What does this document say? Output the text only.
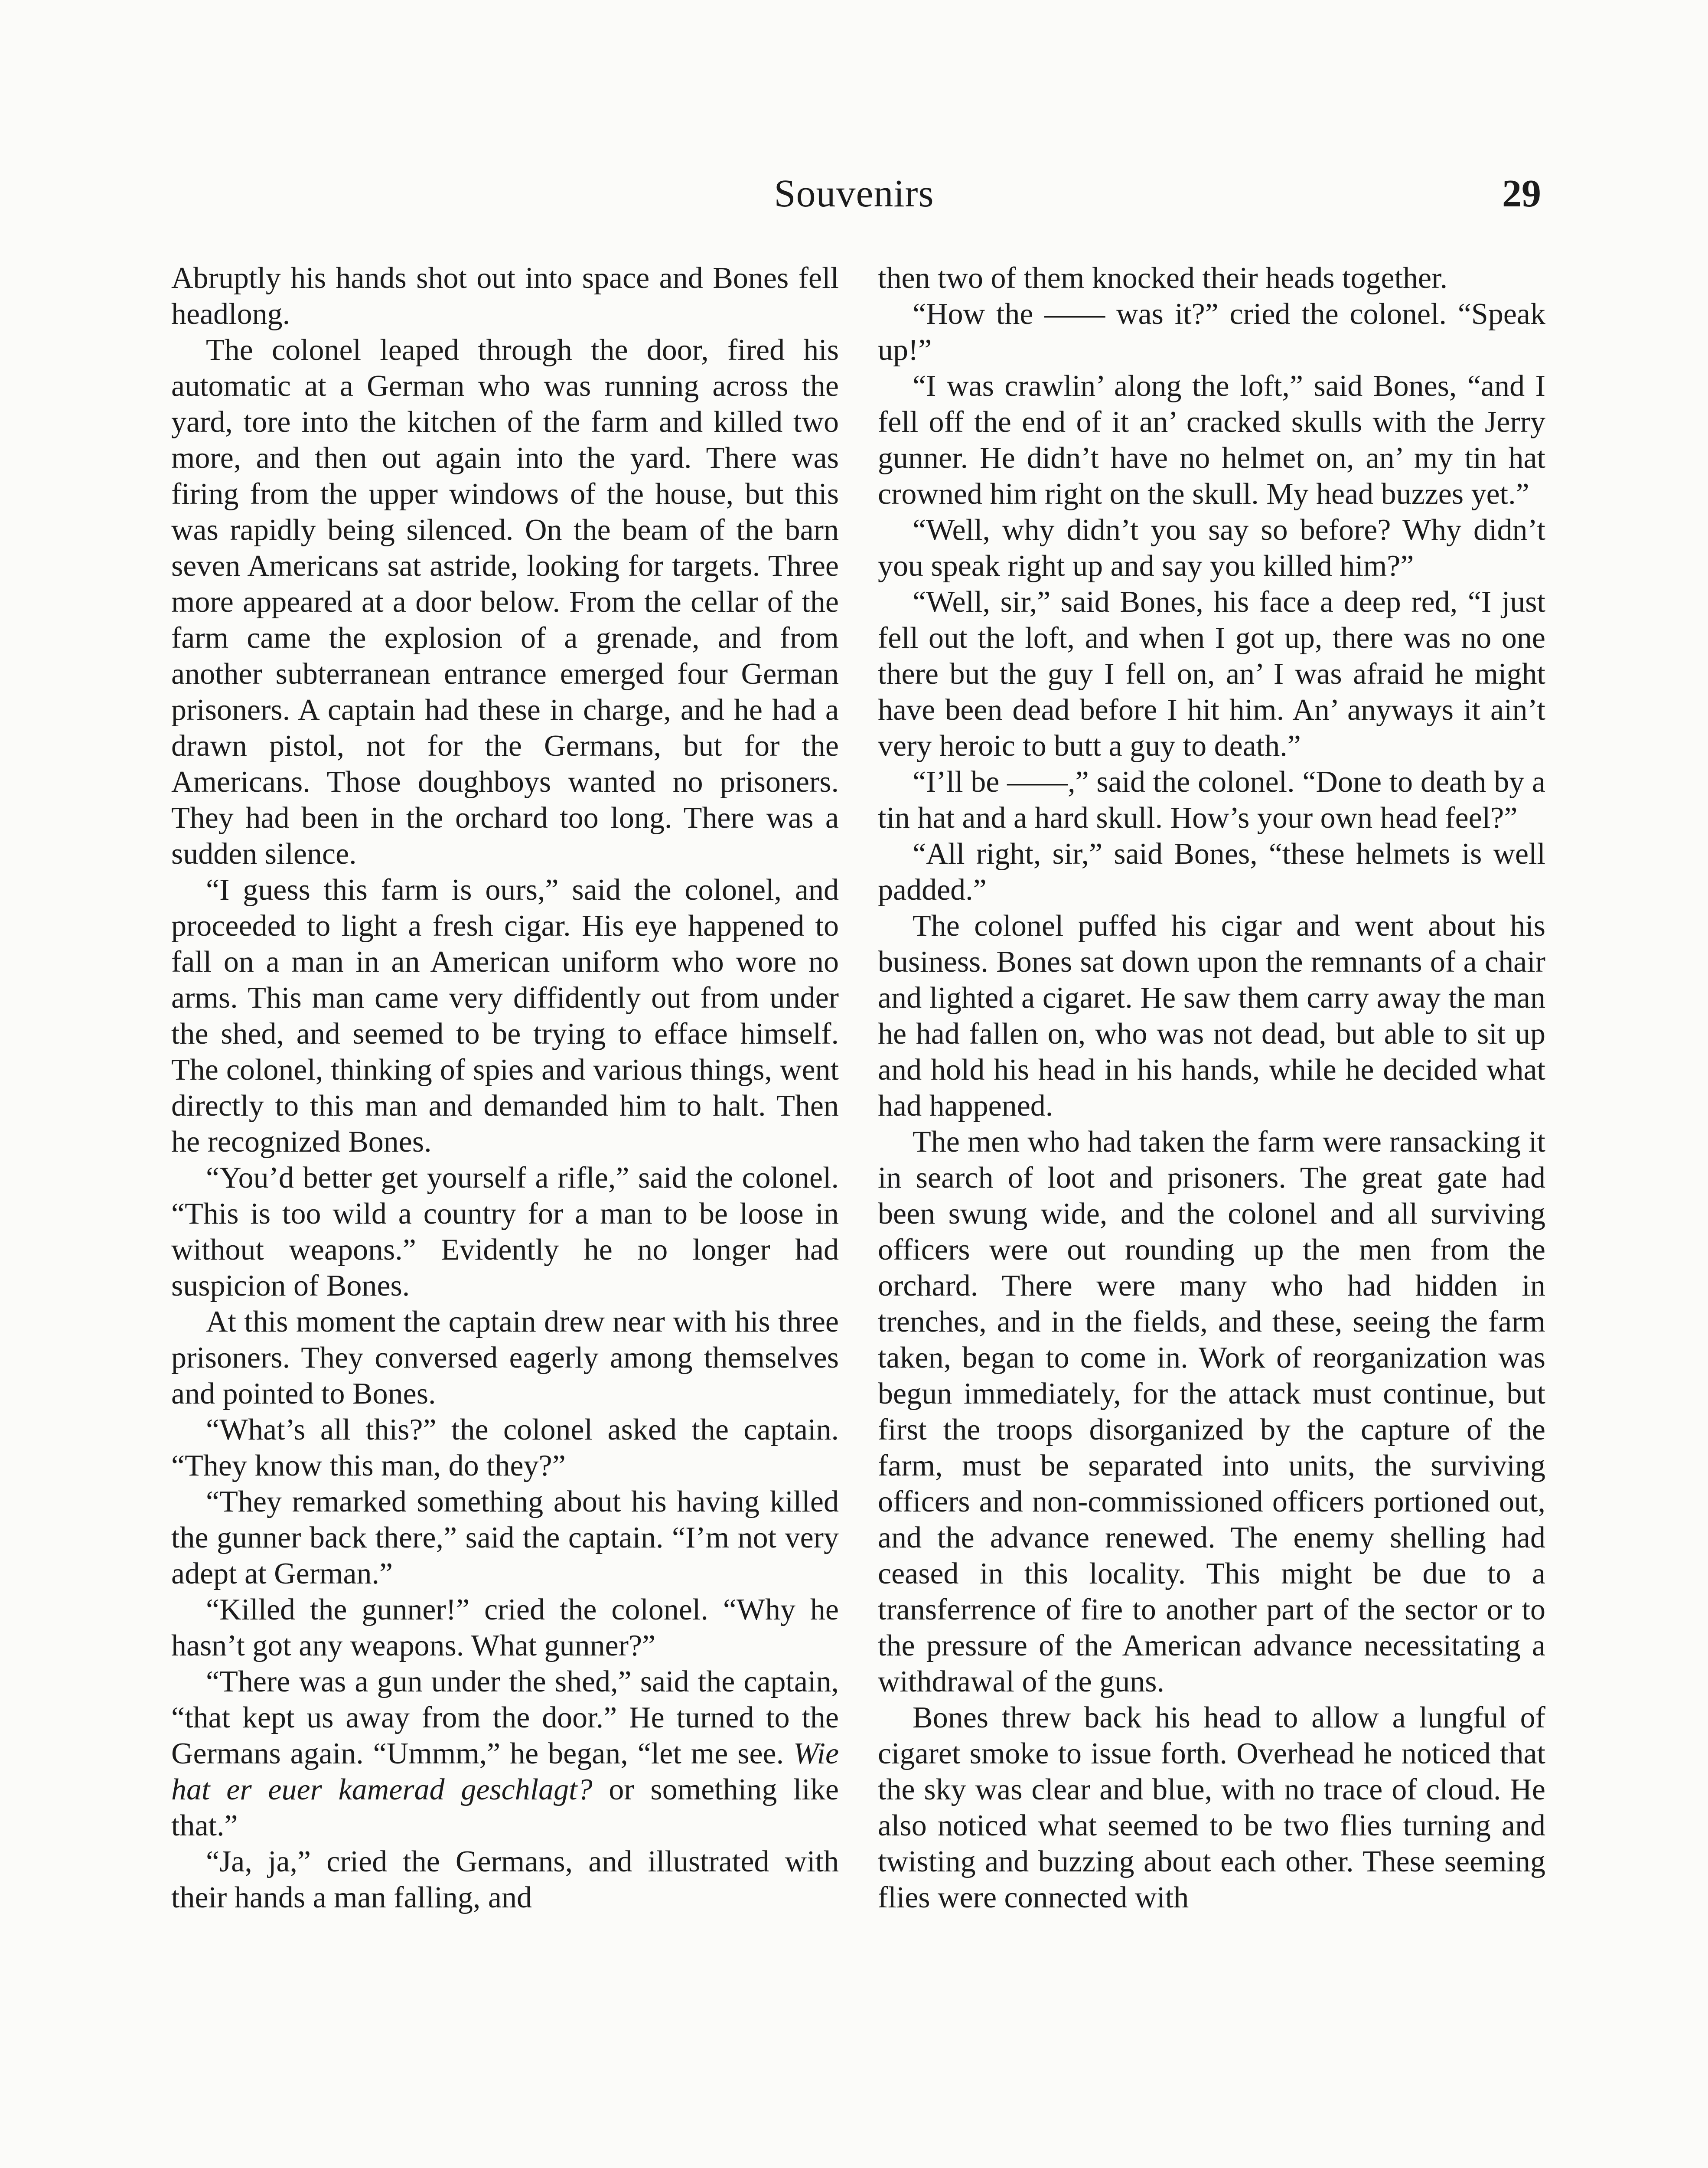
Souvenirs	29

Abruptly his hands shot out into space and Bones fell headlong.

The colonel leaped through the door, fired his automatic at a German who was running across the yard, tore into the kitchen of the farm and killed two more, and then out again into the yard. There was firing from the upper windows of the house, but this was rapidly being silenced. On the beam of the barn seven Americans sat astride, looking for targets. Three more appeared at a door below. From the cellar of the farm came the explosion of a grenade, and from another subterranean entrance emerged four German prisoners. A captain had these in charge, and he had a drawn pistol, not for the Germans, but for the Americans. Those doughboys wanted no prisoners. They had been in the orchard too long. There was a sudden silence.

“I guess this farm is ours,” said the colonel, and proceeded to light a fresh cigar. His eye happened to fall on a man in an American uniform who wore no arms. This man came very diffidently out from under the shed, and seemed to be trying to efface himself. The colonel, thinking of spies and various things, went directly to this man and demanded him to halt. Then he recognized Bones.

“You’d better get yourself a rifle,” said the colonel. “This is too wild a country for a man to be loose in without weapons.” Evidently he no longer had suspicion of Bones.

At this moment the captain drew near with his three prisoners. They conversed eagerly among themselves and pointed to Bones.

“What’s all this?” the colonel asked the captain. “They know this man, do they?”

“They remarked something about his having killed the gunner back there,” said the captain. “I’m not very adept at German.”

“Killed the gunner!” cried the colonel. “Why he hasn’t got any weapons. What gunner?”

“There was a gun under the shed,” said the captain, “that kept us away from the door.” He turned to the Germans again. “Ummm,” he began, “let me see. Wie hat er euer kamerad geschlagt? or something like that.”

“Ja, ja,” cried the Germans, and illustrated with their hands a man falling, and

then two of them knocked their heads together.

“How the —— was it?” cried the colonel. “Speak up!”

“I was crawlin’ along the loft,” said Bones, “and I fell off the end of it an’ cracked skulls with the Jerry gunner. He didn’t have no helmet on, an’ my tin hat crowned him right on the skull. My head buzzes yet.”

“Well, why didn’t you say so before? Why didn’t you speak right up and say you killed him?”

“Well, sir,” said Bones, his face a deep red, “I just fell out the loft, and when I got up, there was no one there but the guy I fell on, an’ I was afraid he might have been dead before I hit him. An’ anyways it ain’t very heroic to butt a guy to death.”

“I’ll be ——,” said the colonel. “Done to death by a tin hat and a hard skull. How’s your own head feel?”

“All right, sir,” said Bones, “these helmets is well padded.”

The colonel puffed his cigar and went about his business. Bones sat down upon the remnants of a chair and lighted a cigaret. He saw them carry away the man he had fallen on, who was not dead, but able to sit up and hold his head in his hands, while he decided what had happened.

The men who had taken the farm were ransacking it in search of loot and prisoners. The great gate had been swung wide, and the colonel and all surviving officers were out rounding up the men from the orchard. There were many who had hidden in trenches, and in the fields, and these, seeing the farm taken, began to come in. Work of reorganization was begun immediately, for the attack must continue, but first the troops disorganized by the capture of the farm, must be separated into units, the surviving officers and non-commissioned officers portioned out, and the advance renewed. The enemy shelling had ceased in this locality. This might be due to a transferrence of fire to another part of the sector or to the pressure of the American advance necessitating a withdrawal of the guns.

Bones threw back his head to allow a lungful of cigaret smoke to issue forth. Overhead he noticed that the sky was clear and blue, with no trace of cloud. He also noticed what seemed to be two flies turning and twisting and buzzing about each other. These seeming flies were connected with
